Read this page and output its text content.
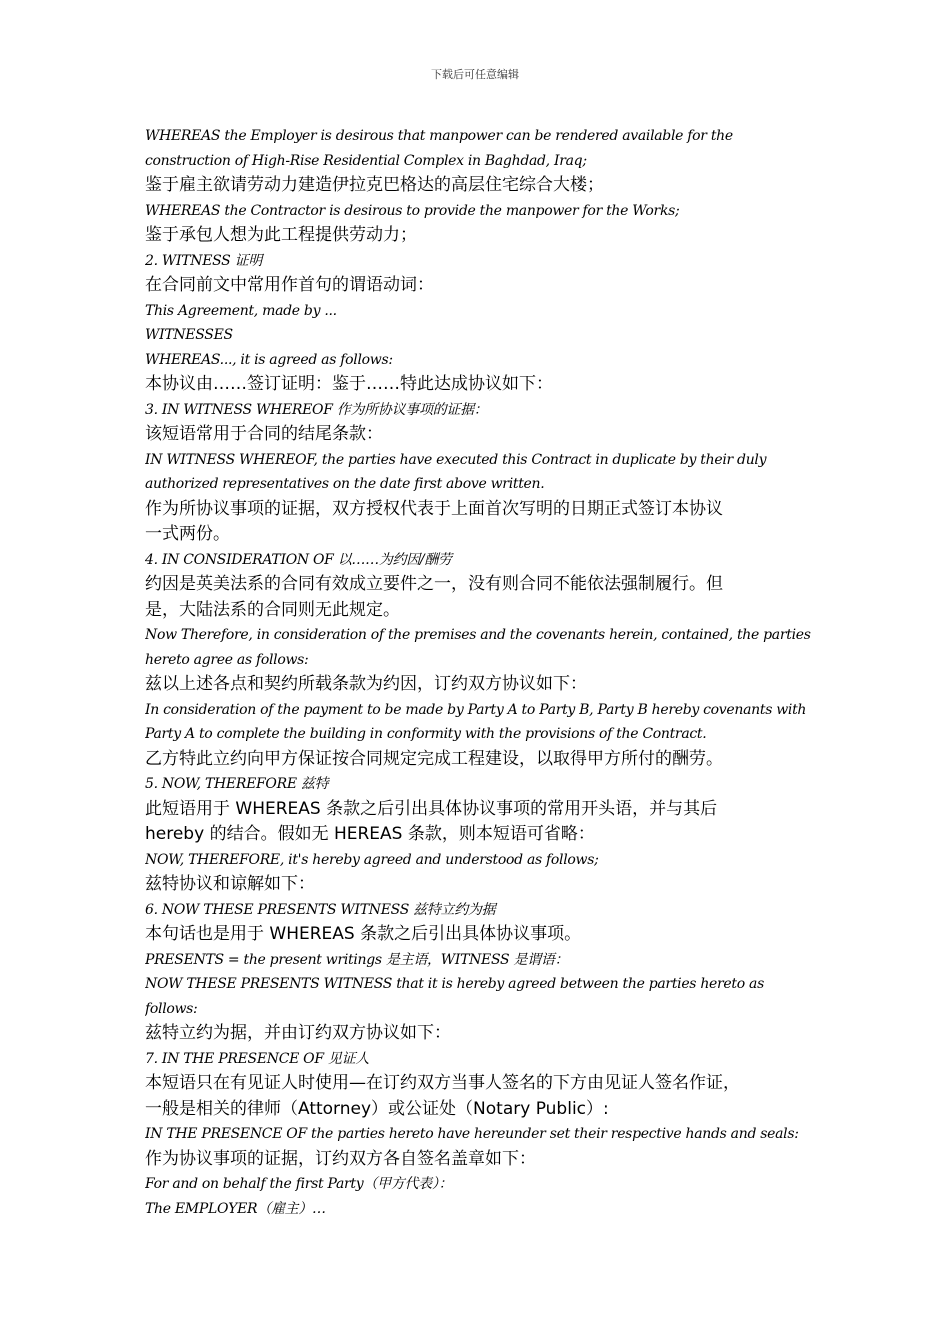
下载后可任意编辑

WHEREAS the Employer is desirous that manpower can be rendered available for the

construction of High-Rise Residential Complex in Baghdad, Iraq;

鉴于雇主欲请劳动力建造伊拉克巴格达的高层住宅综合大楼；

WHEREAS the Contractor is desirous to provide the manpower for the Works;

鉴于承包人想为此工程提供劳动力；

2. WITNESS 证明

在合同前文中常用作首句的谓语动词：

This Agreement, made by ...

WITNESSES

WHEREAS..., it is agreed as follows:

本协议由……签订证明：鉴于……特此达成协议如下：

3. IN WITNESS WHEREOF 作为所协议事项的证据：

该短语常用于合同的结尾条款：

IN WITNESS WHEREOF, the parties have executed this Contract in duplicate by their duly

authorized representatives on the date first above written.

作为所协议事项的证据，双方授权代表于上面首次写明的日期正式签订本协议

一式两份。

4. IN CONSIDERATION OF 以……为约因/酬劳

约因是英美法系的合同有效成立要件之一，没有则合同不能依法强制履行。但

是，大陆法系的合同则无此规定。

Now Therefore, in consideration of the premises and the covenants herein, contained, the parties

hereto agree as follows:

兹以上述各点和契约所载条款为约因，订约双方协议如下：

In consideration of the payment to be made by Party A to Party B, Party B hereby covenants with

Party A to complete the building in conformity with the provisions of the Contract.

乙方特此立约向甲方保证按合同规定完成工程建设，以取得甲方所付的酬劳。

5. NOW, THEREFORE 兹特

此短语用于 WHEREAS 条款之后引出具体协议事项的常用开头语，并与其后

hereby 的结合。假如无 HEREAS 条款，则本短语可省略：

NOW, THEREFORE, it's hereby agreed and understood as follows;

兹特协议和谅解如下：

6. NOW THESE PRESENTS WITNESS 兹特立约为据

本句话也是用于 WHEREAS 条款之后引出具体协议事项。

PRESENTS = the present writings 是主语，WITNESS 是谓语：

NOW THESE PRESENTS WITNESS that it is hereby agreed between the parties hereto as

follows:

兹特立约为据，并由订约双方协议如下：

7. IN THE PRESENCE OF 见证人

本短语只在有见证人时使用—在订约双方当事人签名的下方由见证人签名作证，

一般是相关的律师（Attorney）或公证处（Notary Public）:

IN THE PRESENCE OF the parties hereto have hereunder set their respective hands and seals:

作为协议事项的证据，订约双方各自签名盖章如下：

For and on behalf the first Party（甲方代表）：

The EMPLOYER（雇主）…
